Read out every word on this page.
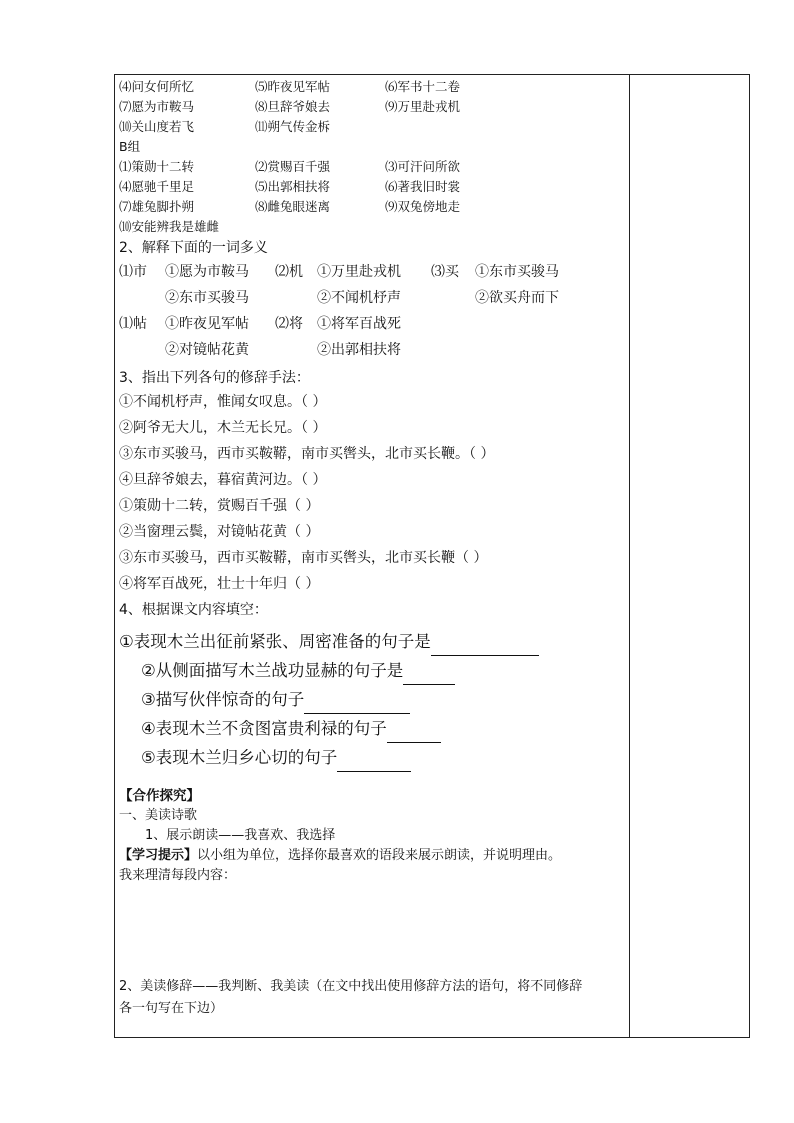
⑷问女何所忆	⑸昨夜见军帖	⑹军书十二卷
⑺愿为市鞍马	⑻旦辞爷娘去	⑼万里赴戎机
⑽关山度若飞	⑾朔气传金柝
B组
⑴策勋十二转	⑵赏赐百千强	⑶可汗问所欲
⑷愿驰千里足	⑸出郭相扶将	⑹著我旧时裳
⑺雄兔脚扑朔	⑻雌兔眼迷离	⑼双兔傍地走
⑽安能辨我是雄雌
2、解释下面的一词多义
⑴市 ①愿为市鞍马 ⑵机 ①万里赴戎机 ⑶买 ①东市买骏马
②东市买骏马	②不闻机杼声	②欲买舟而下
⑴帖 ①昨夜见军帖 ⑵将 ①将军百战死
②对镜帖花黄	②出郭相扶将
3、指出下列各句的修辞手法：
①不闻机杼声，惟闻女叹息。（ ）
②阿爷无大儿，木兰无长兄。（ ）
③东市买骏马，西市买鞍鞯，南市买辔头，北市买长鞭。（ ）
④旦辞爷娘去，暮宿黄河边。（ ）
①策勋十二转，赏赐百千强（ ）
②当窗理云鬓，对镜帖花黄（ ）
③东市买骏马，西市买鞍鞯，南市买辔头，北市买长鞭（ ）
④将军百战死，壮士十年归（ ）
4、根据课文内容填空：
①表现木兰出征前紧张、周密准备的句子是
②从侧面描写木兰战功显赫的句子是
③描写伙伴惊奇的句子
④表现木兰不贪图富贵利禄的句子
⑤表现木兰归乡心切的句子
【合作探究】
一、美读诗歌
1、展示朗读——我喜欢、我选择
【学习提示】以小组为单位，选择你最喜欢的语段来展示朗读，并说明理由。
我来理清每段内容：
2、美读修辞——我判断、我美读（在文中找出使用修辞方法的语句，将不同修辞
各一句写在下边）
